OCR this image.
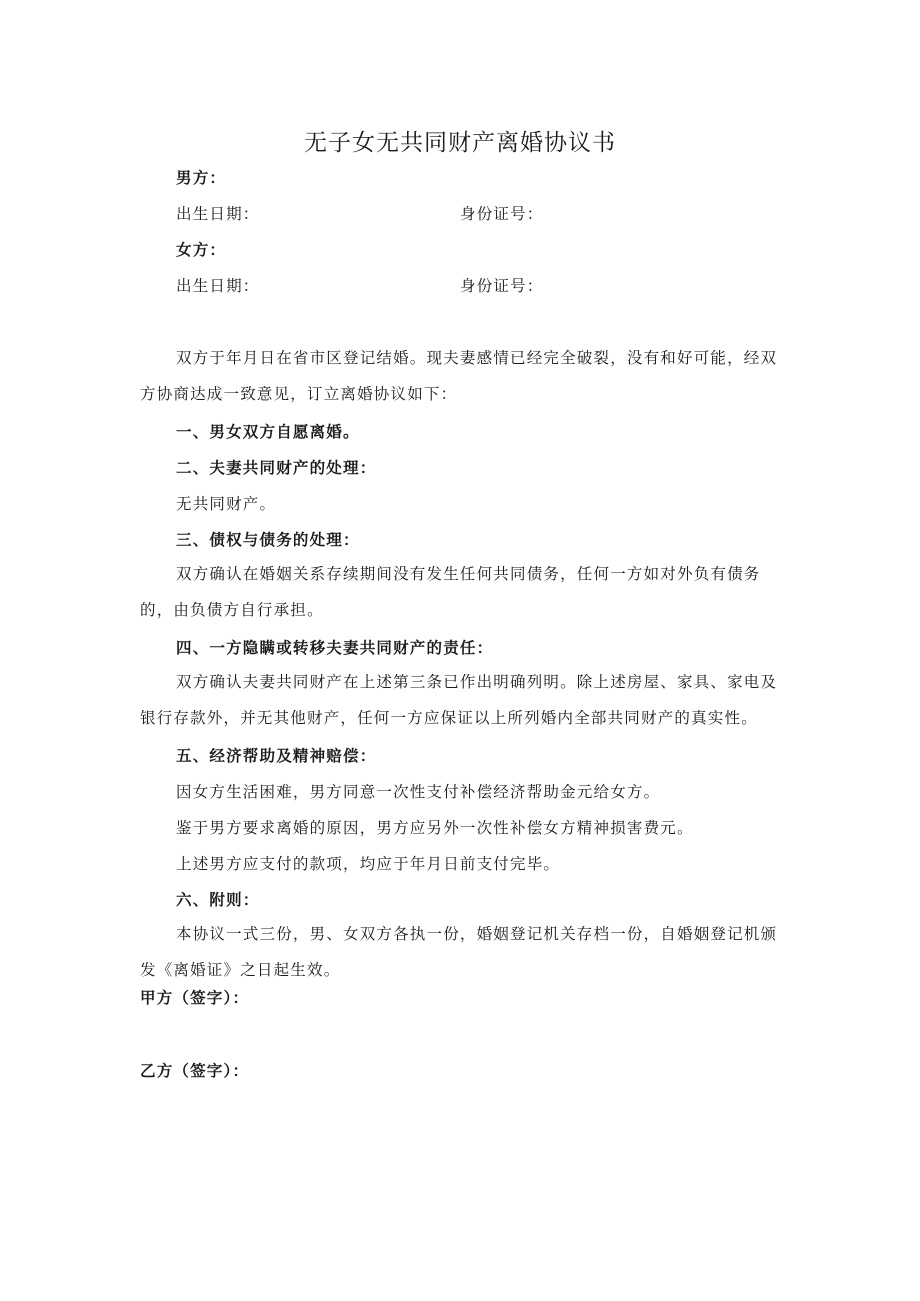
无子女无共同财产离婚协议书
男方：
出生日期：	身份证号：
女方：
出生日期：	身份证号：

双方于年月日在省市区登记结婚。现夫妻感情已经完全破裂，没有和好可能，经双方协商达成一致意见，订立离婚协议如下：

一、男女双方自愿离婚。
二、夫妻共同财产的处理：
无共同财产。
三、债权与债务的处理：

双方确认在婚姻关系存续期间没有发生任何共同债务，任何一方如对外负有债务的，由负债方自行承担。

四、一方隐瞒或转移夫妻共同财产的责任：

双方确认夫妻共同财产在上述第三条已作出明确列明。除上述房屋、家具、家电及银行存款外，并无其他财产，任何一方应保证以上所列婚内全部共同财产的真实性。

五、经济帮助及精神赔偿：
因女方生活困难，男方同意一次性支付补偿经济帮助金元给女方。
鉴于男方要求离婚的原因，男方应另外一次性补偿女方精神损害费元。
上述男方应支付的款项，均应于年月日前支付完毕。
六、附则：

本协议一式三份，男、女双方各执一份，婚姻登记机关存档一份，自婚姻登记机颁发《离婚证》之日起生效。

甲方（签字）：
乙方（签字）：
